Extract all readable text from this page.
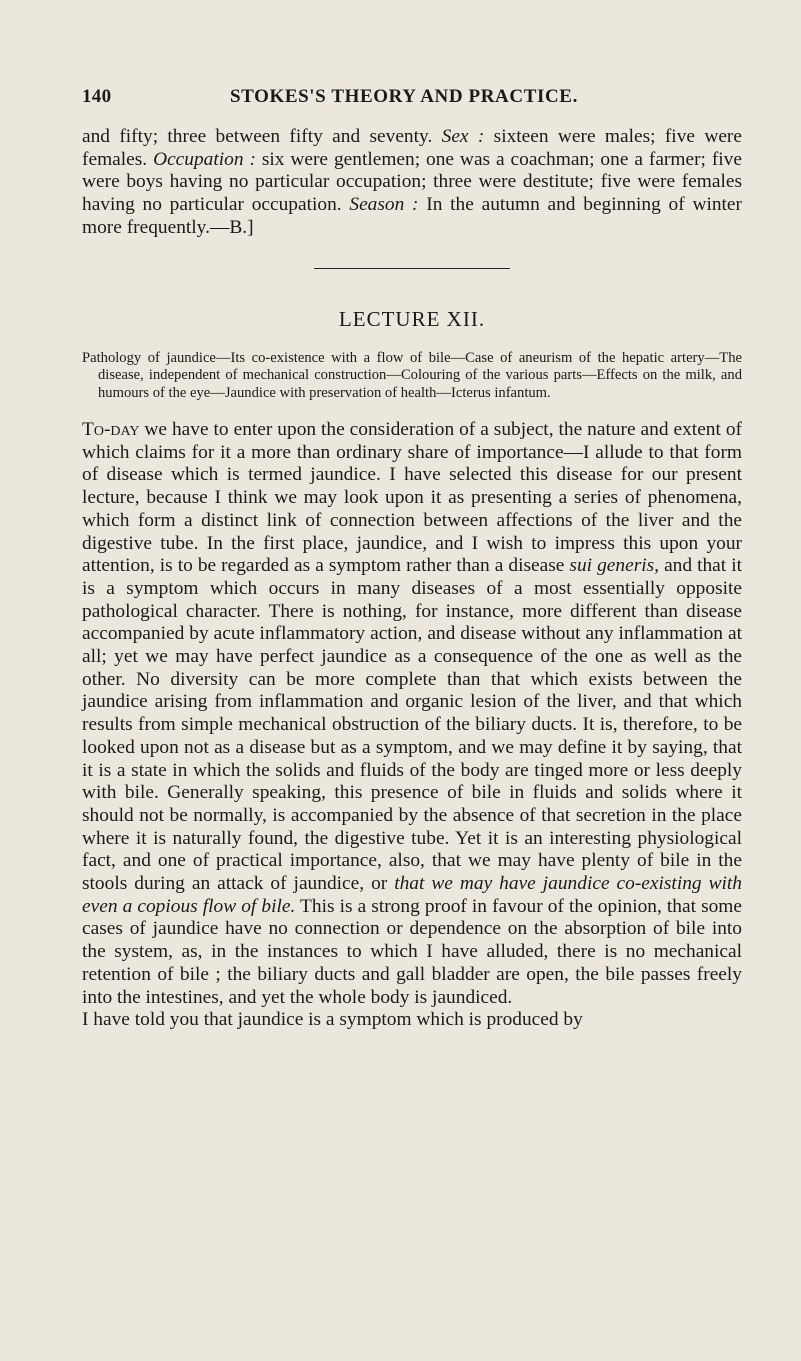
140	STOKES'S THEORY AND PRACTICE.

and fifty; three between fifty and seventy. Sex : sixteen were males; five were females. Occupation : six were gentlemen; one was a coachman; one a farmer; five were boys having no particular occupation; three were destitute; five were females having no particular occupation. Season : In the autumn and beginning of winter more frequently.—B.]

LECTURE XII.

Pathology of jaundice—Its co-existence with a flow of bile—Case of aneurism of the hepatic artery—The disease, independent of mechanical construction—Colouring of the various parts—Effects on the milk, and humours of the eye—Jaundice with preservation of health—Icterus infantum.

To-day we have to enter upon the consideration of a subject, the nature and extent of which claims for it a more than ordinary share of importance—I allude to that form of disease which is termed jaundice. I have selected this disease for our present lecture, because I think we may look upon it as presenting a series of phenomena, which form a distinct link of connection between affections of the liver and the digestive tube. In the first place, jaundice, and I wish to impress this upon your attention, is to be regarded as a symptom rather than a disease sui generis, and that it is a symptom which occurs in many diseases of a most essentially opposite pathological character. There is nothing, for instance, more different than disease accompanied by acute inflammatory action, and disease without any inflammation at all; yet we may have perfect jaundice as a consequence of the one as well as the other. No diversity can be more complete than that which exists between the jaundice arising from inflammation and organic lesion of the liver, and that which results from simple mechanical obstruction of the biliary ducts. It is, therefore, to be looked upon not as a disease but as a symptom, and we may define it by saying, that it is a state in which the solids and fluids of the body are tinged more or less deeply with bile. Generally speaking, this presence of bile in fluids and solids where it should not be normally, is accompanied by the absence of that secretion in the place where it is naturally found, the digestive tube. Yet it is an interesting physiological fact, and one of practical importance, also, that we may have plenty of bile in the stools during an attack of jaundice, or that we may have jaundice co-existing with even a copious flow of bile. This is a strong proof in favour of the opinion, that some cases of jaundice have no connection or dependence on the absorption of bile into the system, as, in the instances to which I have alluded, there is no mechanical retention of bile ; the biliary ducts and gall bladder are open, the bile passes freely into the intestines, and yet the whole body is jaundiced.

I have told you that jaundice is a symptom which is produced by
